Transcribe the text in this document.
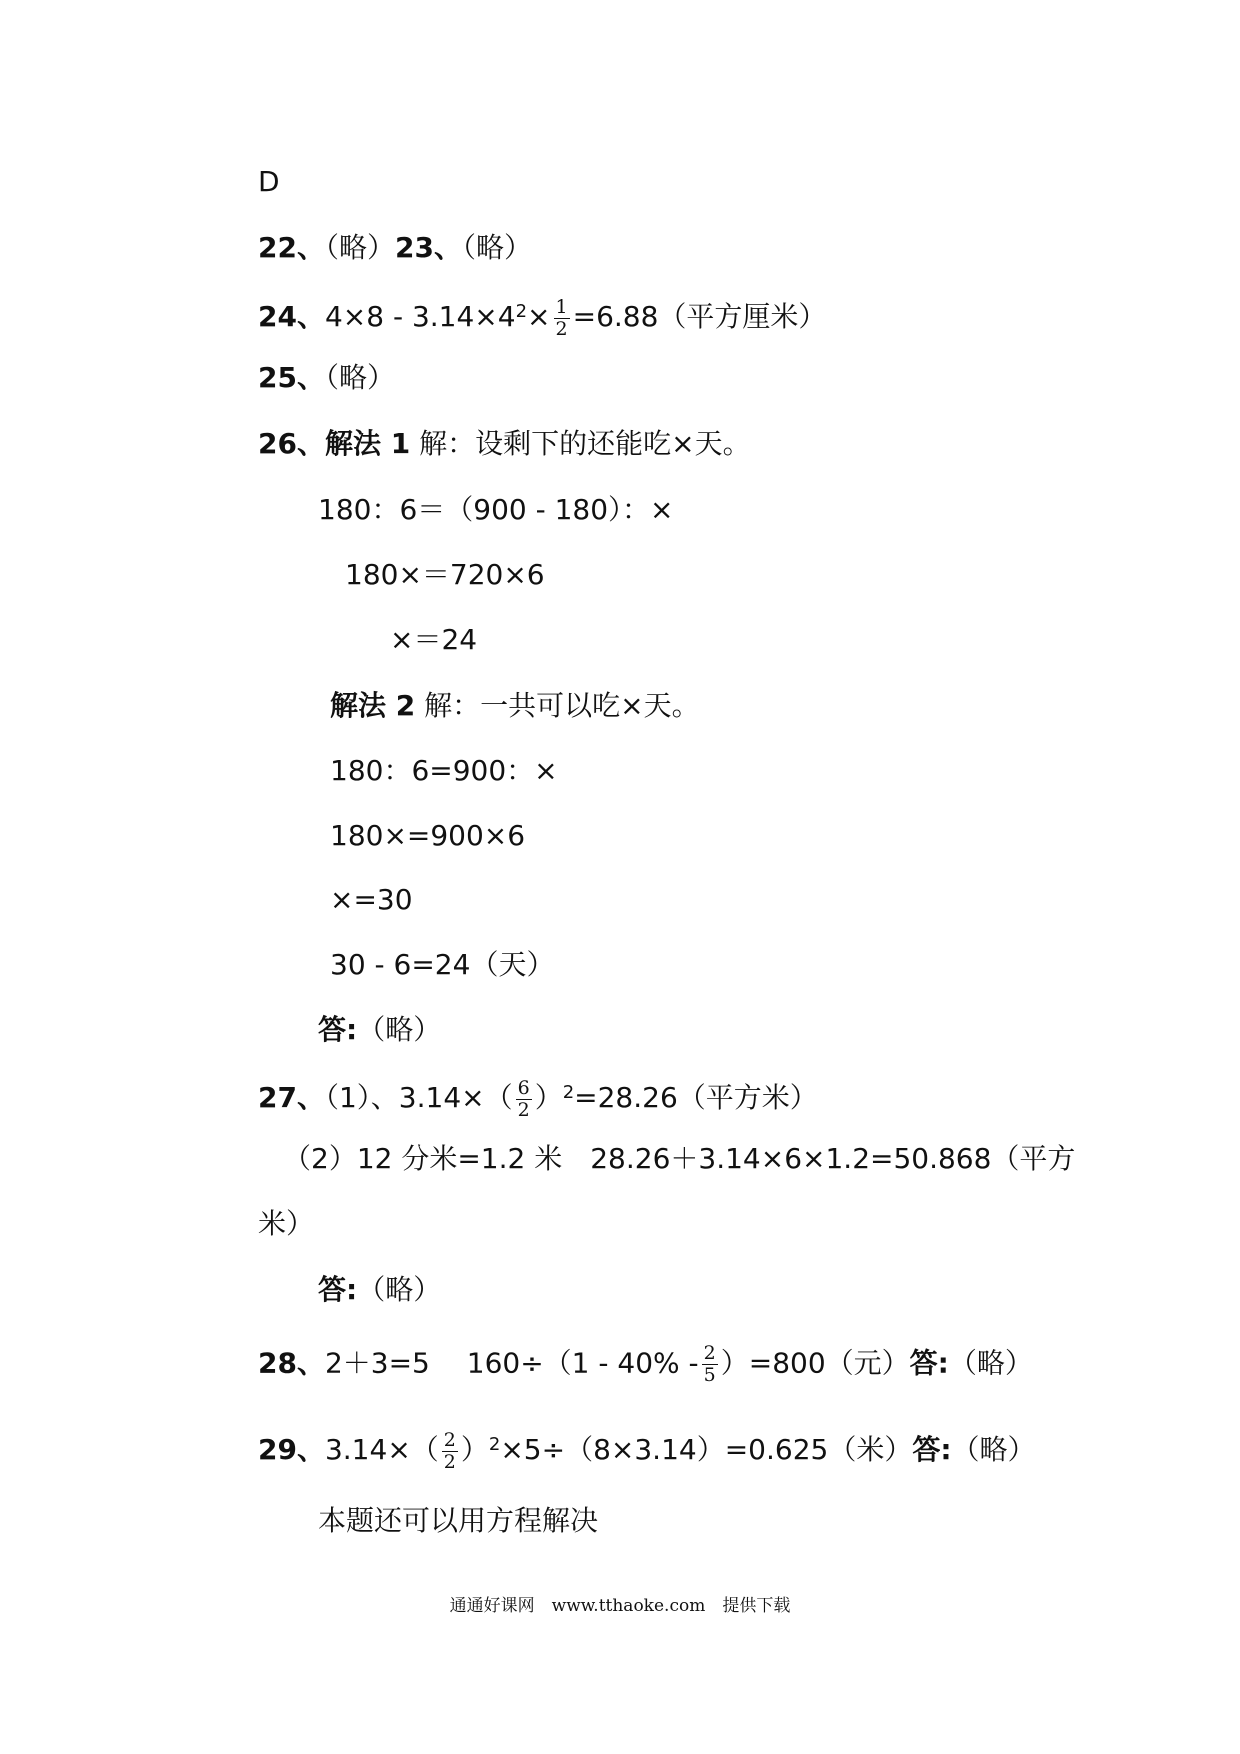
D
22、（略）23、（略）
24、$4\times 8 - 3.14\times 4^2\times \frac{1}{2} =6.88$（平方厘米）
25、（略）
26、解法 1 解：设剩下的还能吃×天。
180：6＝（900 - 180）：×
180×＝720×6
×＝24
解法 2 解：一共可以吃×天。
180：6=900：×
180×=900×6
×=30
30 - 6=24（天）
答:（略）
27、（1）、$3.14\times( \frac{6}{2} )^2=28.26$（平方米）
（2）12 分米=1.2 米　28.26＋3.14×6×1.2=50.868（平方
米）
答:（略）
28、2＋3=5　 $160\div(1 - 40\% - \frac{2}{5} )=800$（元）答:（略）
29、$3.14\times( \frac{2}{2} )^2\times 5\div(8\times 3.14)=0.625$（米）答:（略）
本题还可以用方程解决
通通好课网　www.tthaoke.com　提供下载
